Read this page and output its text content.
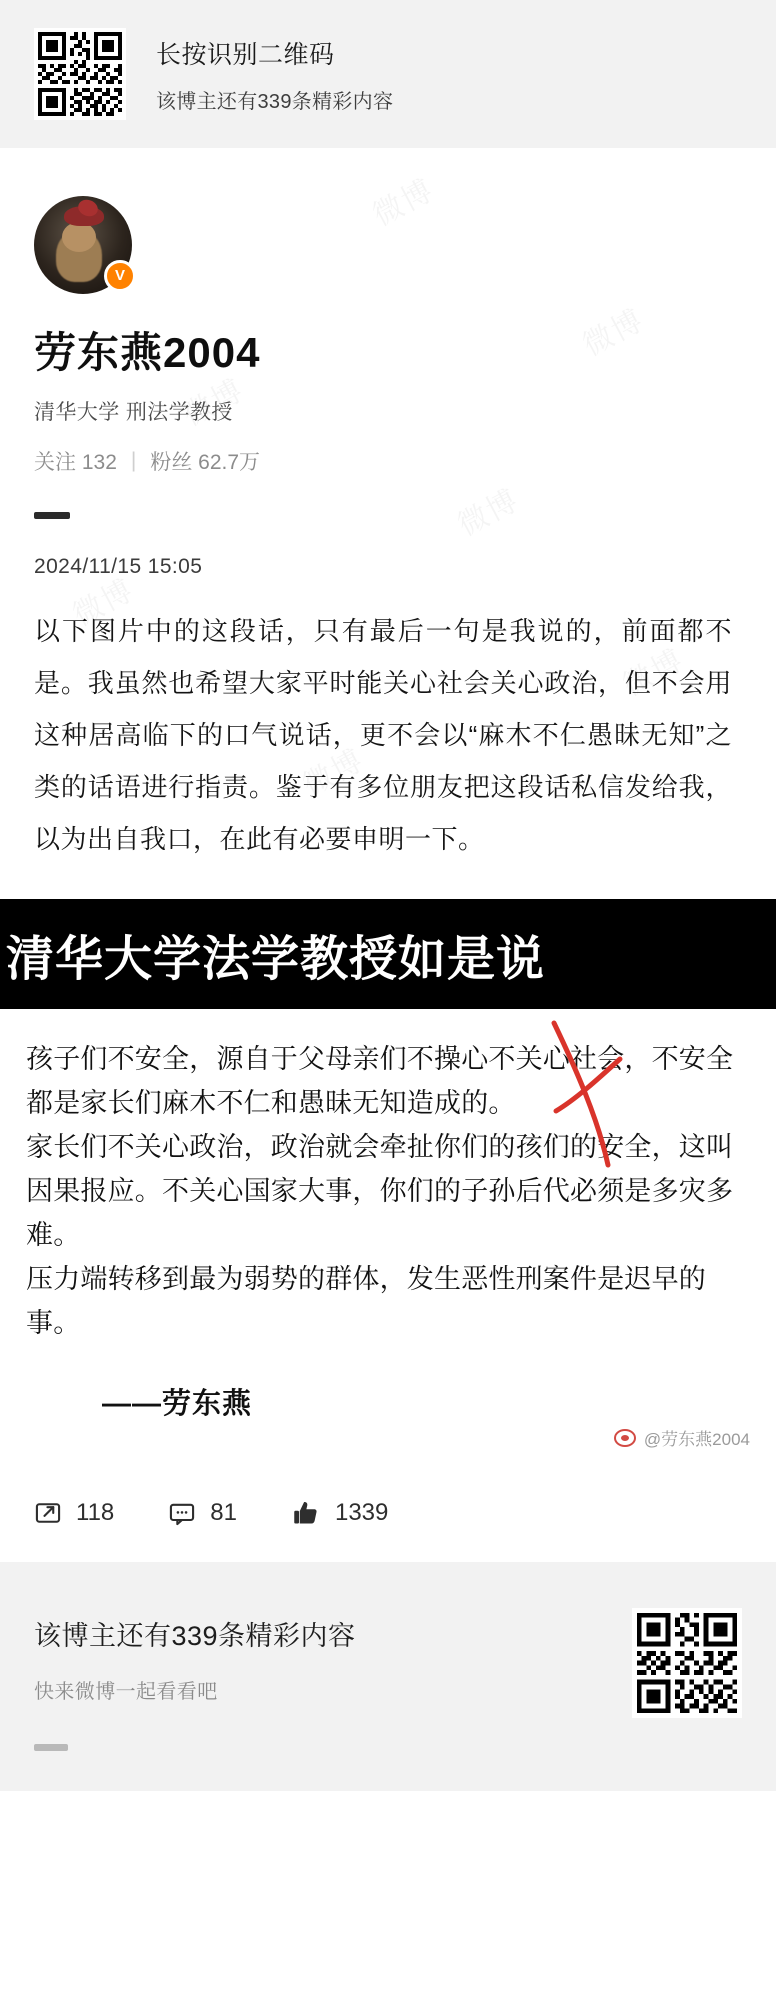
长按识别二维码
该博主还有339条精彩内容
V
劳东燕2004
清华大学 刑法学教授
关注 132 | 粉丝 62.7万
2024/11/15 15:05
以下图片中的这段话，只有最后一句是我说的，前面都不是。我虽然也希望大家平时能关心社会关心政治，但不会用这种居高临下的口气说话，更不会以“麻木不仁愚昧无知”之类的话语进行指责。鉴于有多位朋友把这段话私信发给我，以为出自我口，在此有必要申明一下。
清华大学法学教授如是说

孩子们不安全，源自于父母亲们不操心不关心社会，不安全都是家长们麻木不仁和愚昧无知造成的。

家长们不关心政治，政治就会牵扯你们的孩们的安全，这叫因果报应。不关心国家大事，你们的子孙后代必须是多灾多难。

压力端转移到最为弱势的群体，发生恶性刑案件是迟早的事。

——劳东燕
@劳东燕2004
118	81	1339
该博主还有339条精彩内容
快来微博一起看看吧
